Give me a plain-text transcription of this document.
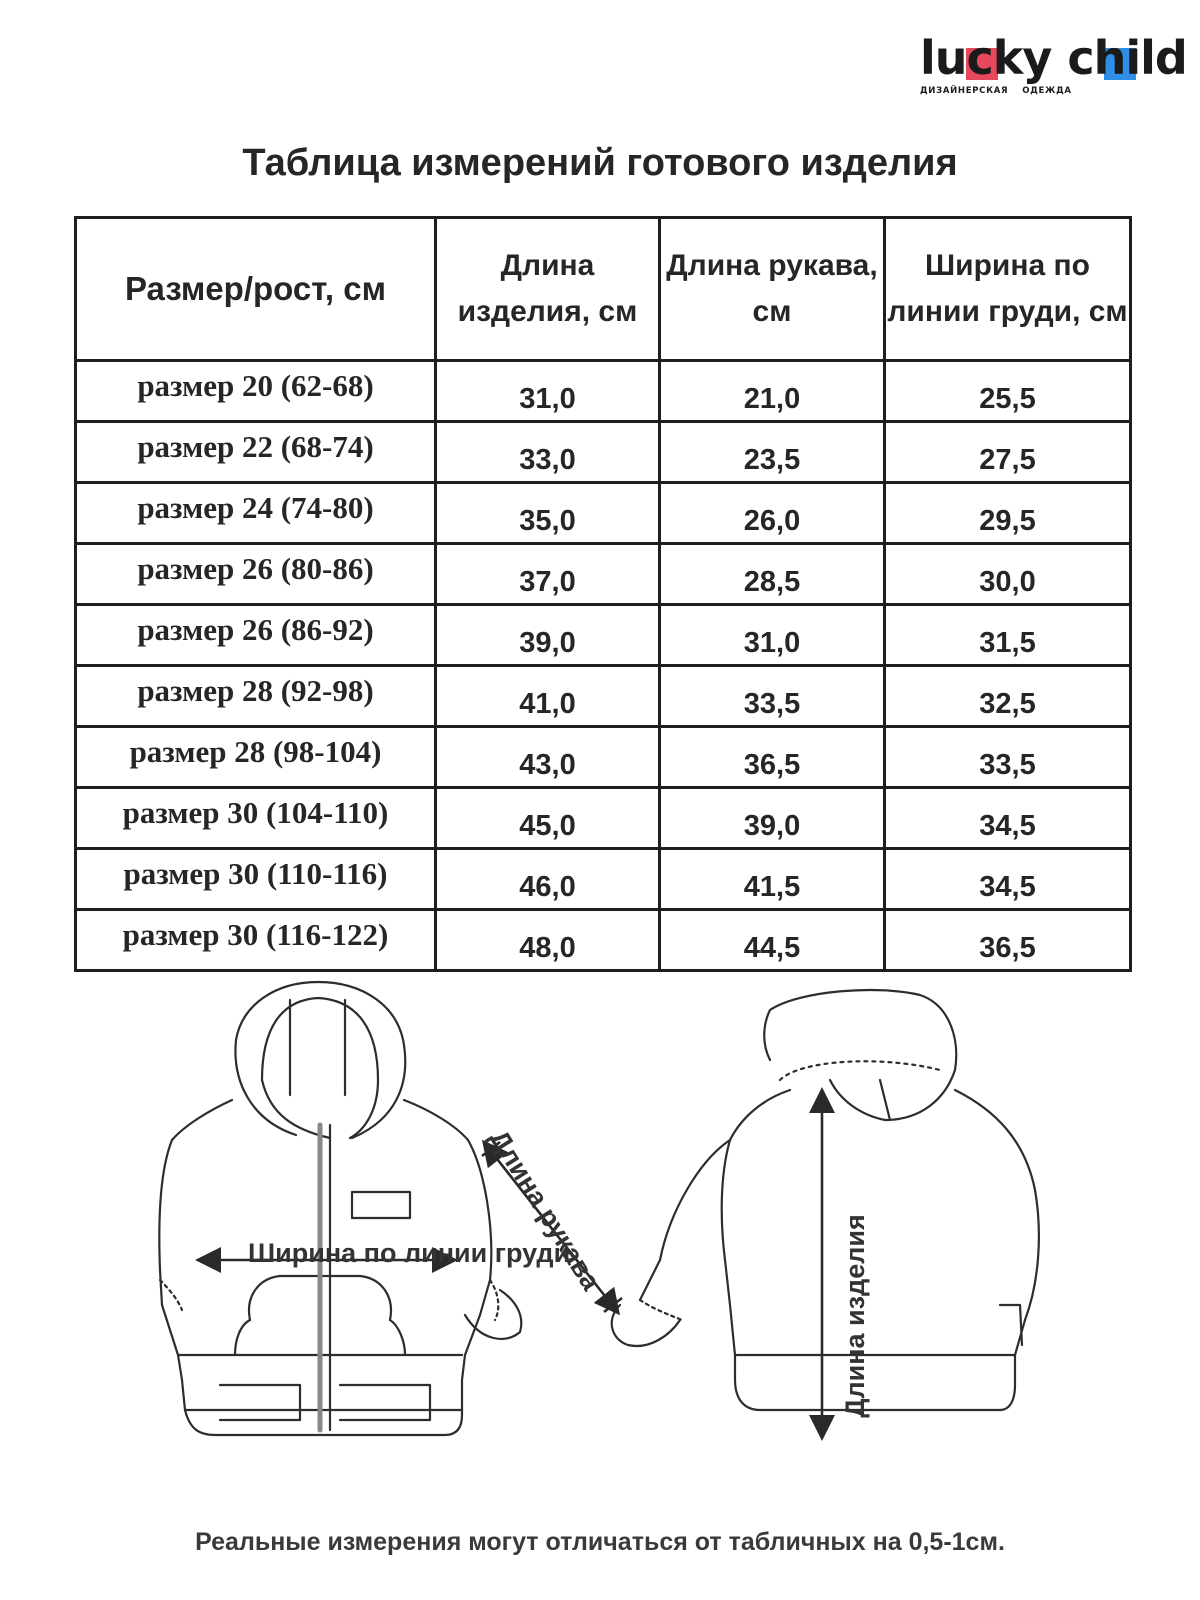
lucky child
ДИЗАЙНЕРСКАЯ ОДЕЖДА
Таблица измерений готового изделия
Размер/рост, см	Длина изделия, см	Длина рукава, см	Ширина по линии груди, см
размер 20 (62-68)	31,0	21,0	25,5
размер 22 (68-74)	33,0	23,5	27,5
размер 24 (74-80)	35,0	26,0	29,5
размер 26 (80-86)	37,0	28,5	30,0
размер 26 (86-92)	39,0	31,0	31,5
размер 28 (92-98)	41,0	33,5	32,5
размер 28 (98-104)	43,0	36,5	33,5
размер 30 (104-110)	45,0	39,0	34,5
размер 30 (110-116)	46,0	41,5	34,5
размер 30 (116-122)	48,0	44,5	36,5
Ширина по линии груди
Длина рукава
Длина изделия
Реальные измерения могут отличаться от табличных на 0,5-1см.
